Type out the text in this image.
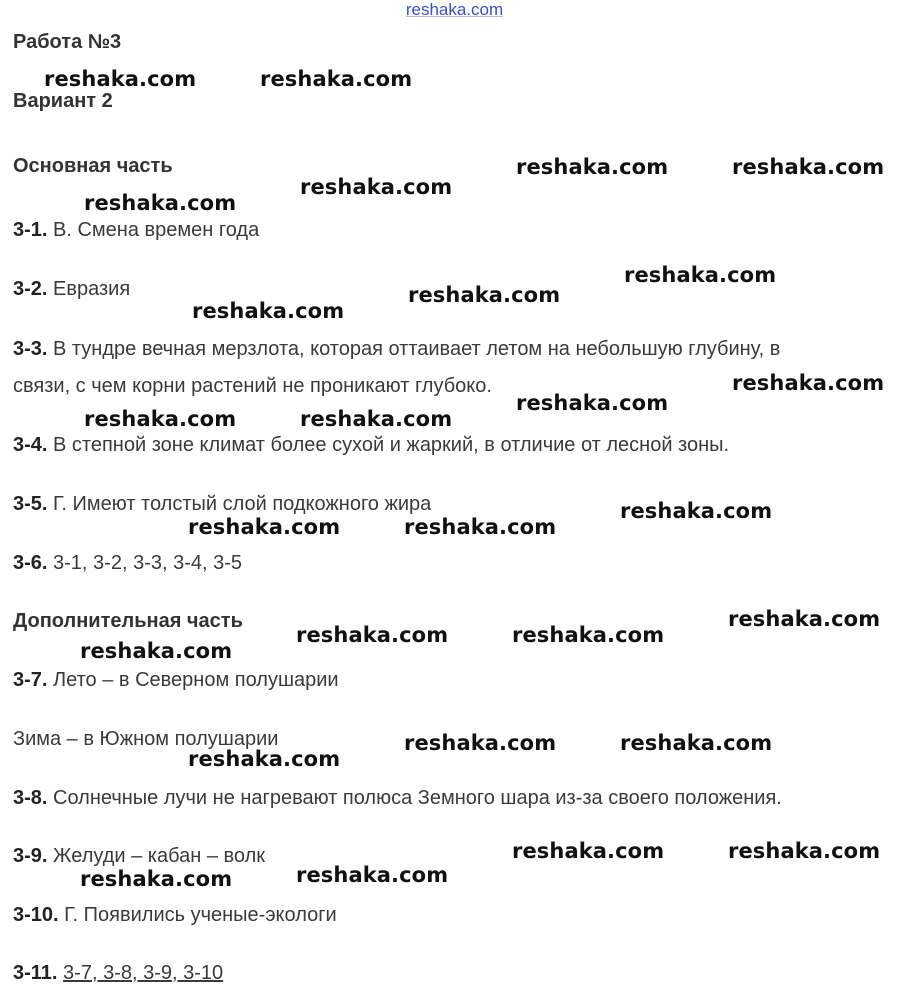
reshaka.com
Работа №3
Вариант 2
Основная часть
3-1. В. Смена времен года
3-2. Евразия
3-3. В тундре вечная мерзлота, которая оттаивает летом на небольшую глубину, в
связи, с чем корни растений не проникают глубоко.
3-4. В степной зоне климат более сухой и жаркий, в отличие от лесной зоны.
3-5. Г. Имеют толстый слой подкожного жира
3-6. 3-1, 3-2, 3-3, 3-4, 3-5
Дополнительная часть
3-7. Лето – в Северном полушарии
Зима – в Южном полушарии
3-8. Солнечные лучи не нагревают полюса Земного шара из-за своего положения.
3-9. Желуди – кабан – волк
3-10. Г. Появились ученые-экологи
3-11. 3-7, 3-8, 3-9, 3-10
reshaka.com	reshaka.com
reshaka.com	reshaka.com
reshaka.com
reshaka.com
reshaka.com
reshaka.com
reshaka.com
reshaka.com
reshaka.com
reshaka.com	reshaka.com
reshaka.com
reshaka.com	reshaka.com
reshaka.com
reshaka.com	reshaka.com
reshaka.com
reshaka.com	reshaka.com
reshaka.com
reshaka.com	reshaka.com
reshaka.com
reshaka.com
